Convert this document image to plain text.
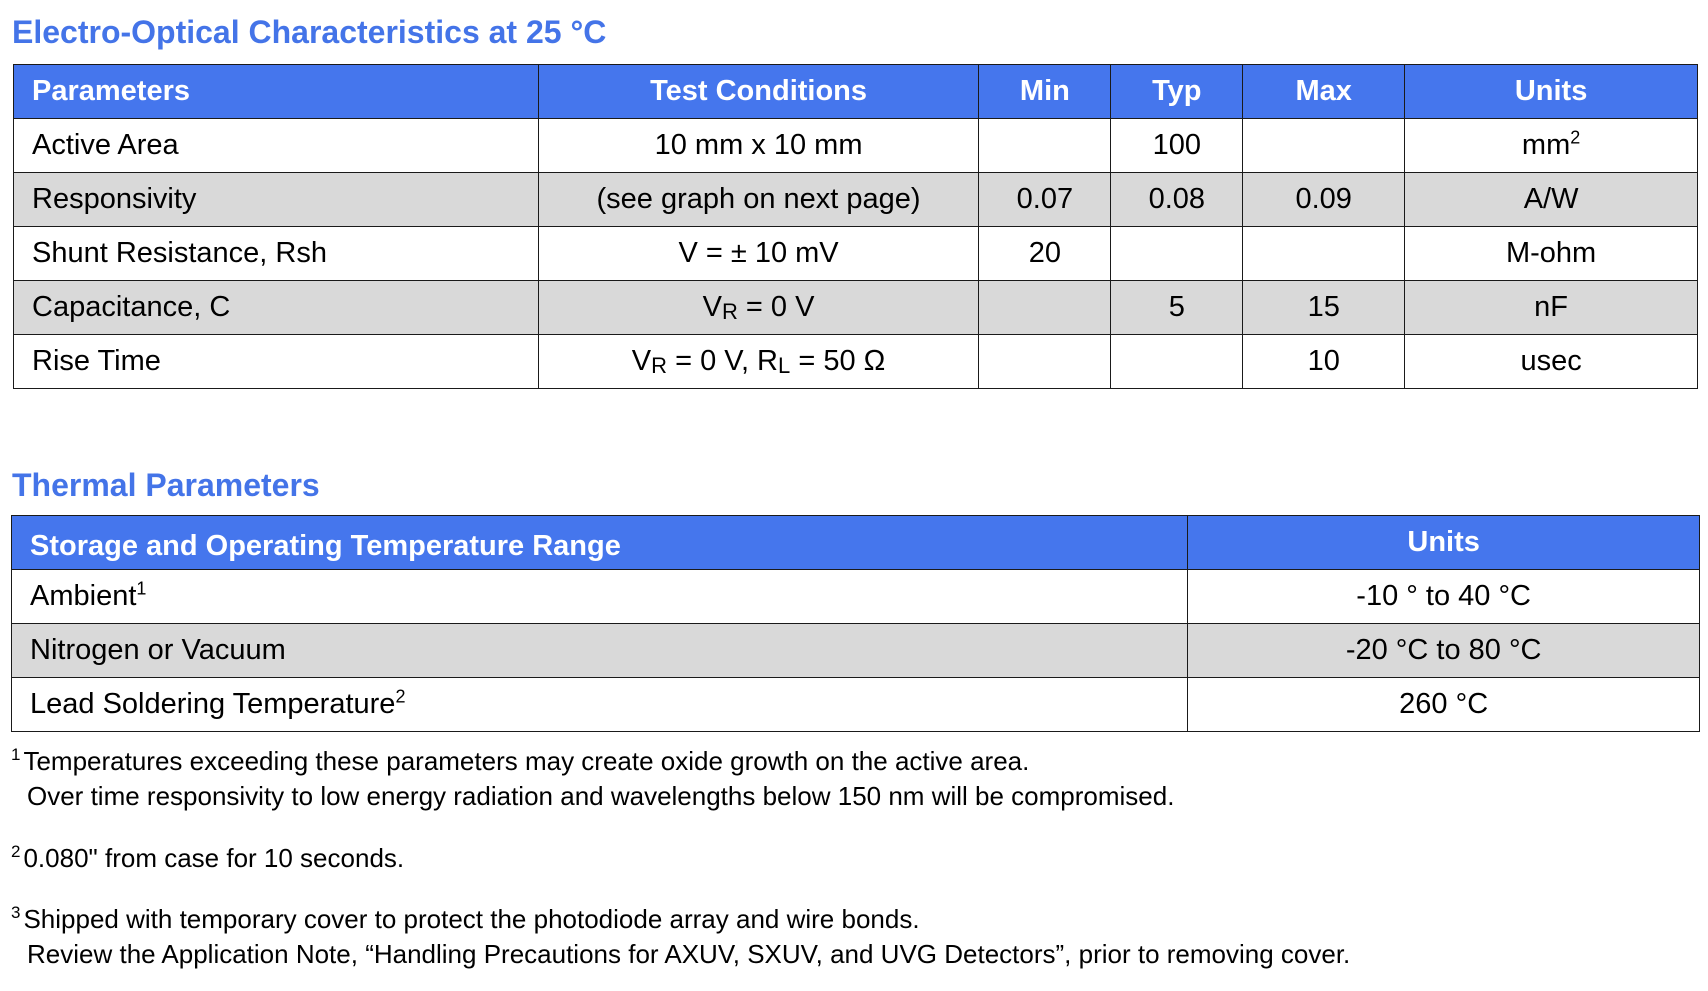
Electro-Optical Characteristics at 25 °C
Parameters	Test Conditions	Min	Typ	Max	Units
Active Area	10 mm x 10 mm		100		$mm^2$
Responsivity	(see graph on next page)	0.07	0.08	0.09	A/W
Shunt Resistance, Rsh	V = ± 10 mV	20			M-ohm
Capacitance, C	$V_R = 0$ V		5	15	nF
Rise Time	$V_R = 0$ V, $R_L = 50$ Ω			10	usec
Thermal Parameters
Storage and Operating Temperature Range	Units
Ambient$^1$	-10 ° to 40 °C
Nitrogen or Vacuum	-20 °C to 80 °C
Lead Soldering Temperature$^2$	260 °C
$^1$ Temperatures exceeding these parameters may create oxide growth on the active area.
Over time responsivity to low energy radiation and wavelengths below 150 nm will be compromised.
$^2$ 0.080" from case for 10 seconds.
$^3$ Shipped with temporary cover to protect the photodiode array and wire bonds.
Review the Application Note, “Handling Precautions for AXUV, SXUV, and UVG Detectors”, prior to removing cover.
